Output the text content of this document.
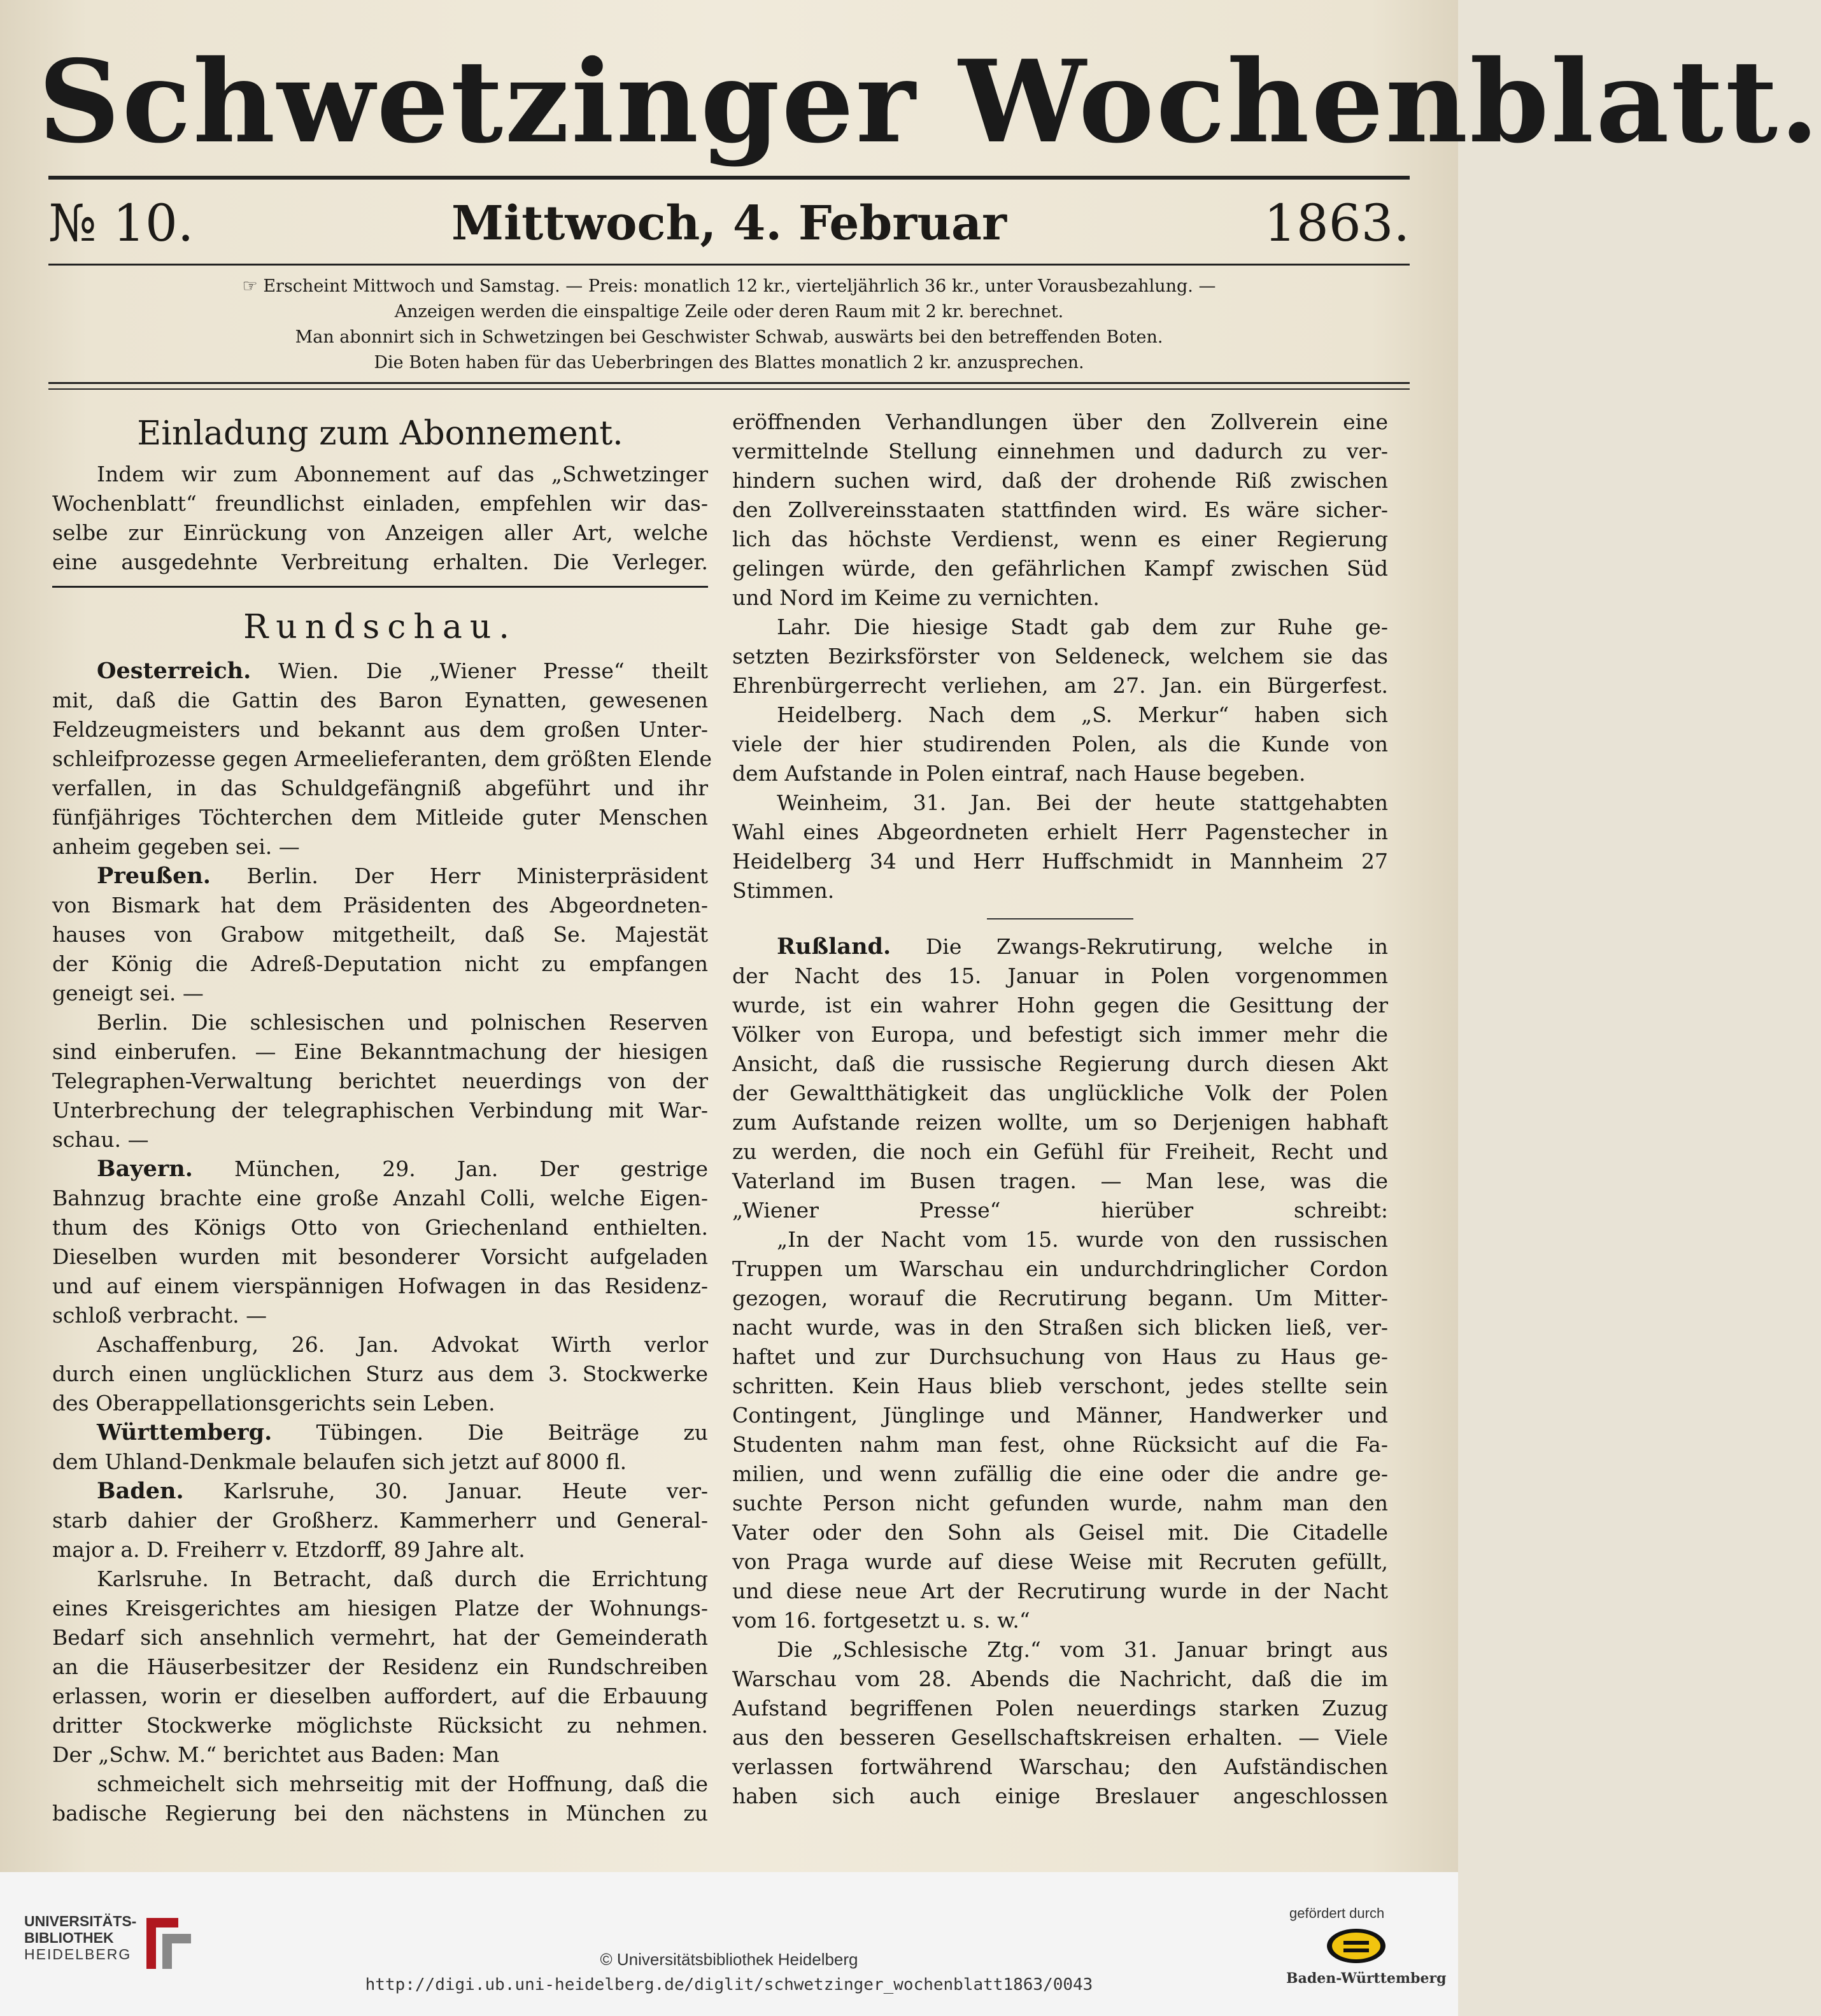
Schwetzinger Wochenblatt.
№ 10.	Mittwoch, 4. Februar	1863.
☞ Erscheint Mittwoch und Samstag. — Preis: monatlich 12 kr., vierteljährlich 36 kr., unter Vorausbezahlung. —
Anzeigen werden die einspaltige Zeile oder deren Raum mit 2 kr. berechnet.
Man abonnirt sich in Schwetzingen bei Geschwister Schwab, auswärts bei den betreffenden Boten.
Die Boten haben für das Ueberbringen des Blattes monatlich 2 kr. anzusprechen.
Einladung zum Abonnement.
Indem wir zum Abonnement auf das „Schwetzinger
Wochenblatt“ freundlichst einladen, empfehlen wir das-
selbe zur Einrückung von Anzeigen aller Art, welche
eine ausgedehnte Verbreitung erhalten. Die Verleger.
Rundschau.
Oesterreich. Wien. Die „Wiener Presse“ theilt
mit, daß die Gattin des Baron Eynatten, gewesenen
Feldzeugmeisters und bekannt aus dem großen Unter-
schleifprozesse gegen Armeelieferanten, dem größten Elende
verfallen, in das Schuldgefängniß abgeführt und ihr
fünfjähriges Töchterchen dem Mitleide guter Menschen
anheim gegeben sei. —
Preußen. Berlin. Der Herr Ministerpräsident
von Bismark hat dem Präsidenten des Abgeordneten-
hauses von Grabow mitgetheilt, daß Se. Majestät
der König die Adreß-Deputation nicht zu empfangen
geneigt sei. —
Berlin. Die schlesischen und polnischen Reserven
sind einberufen. — Eine Bekanntmachung der hiesigen
Telegraphen-Verwaltung berichtet neuerdings von der
Unterbrechung der telegraphischen Verbindung mit War-
schau. —
Bayern. München, 29. Jan. Der gestrige
Bahnzug brachte eine große Anzahl Colli, welche Eigen-
thum des Königs Otto von Griechenland enthielten.
Dieselben wurden mit besonderer Vorsicht aufgeladen
und auf einem vierspännigen Hofwagen in das Residenz-
schloß verbracht. —
Aschaffenburg, 26. Jan. Advokat Wirth verlor
durch einen unglücklichen Sturz aus dem 3. Stockwerke
des Oberappellationsgerichts sein Leben.
Württemberg. Tübingen. Die Beiträge zu
dem Uhland-Denkmale belaufen sich jetzt auf 8000 fl.
Baden. Karlsruhe, 30. Januar. Heute ver-
starb dahier der Großherz. Kammerherr und General-
major a. D. Freiherr v. Etzdorff, 89 Jahre alt.
Karlsruhe. In Betracht, daß durch die Errichtung
eines Kreisgerichtes am hiesigen Platze der Wohnungs-
Bedarf sich ansehnlich vermehrt, hat der Gemeinderath
an die Häuserbesitzer der Residenz ein Rundschreiben
erlassen, worin er dieselben auffordert, auf die Erbauung
dritter Stockwerke möglichste Rücksicht zu nehmen.
Der „Schw. M.“ berichtet aus Baden: Man
schmeichelt sich mehrseitig mit der Hoffnung, daß die
badische Regierung bei den nächstens in München zu
eröffnenden Verhandlungen über den Zollverein eine
vermittelnde Stellung einnehmen und dadurch zu ver-
hindern suchen wird, daß der drohende Riß zwischen
den Zollvereinsstaaten stattfinden wird. Es wäre sicher-
lich das höchste Verdienst, wenn es einer Regierung
gelingen würde, den gefährlichen Kampf zwischen Süd
und Nord im Keime zu vernichten.
Lahr. Die hiesige Stadt gab dem zur Ruhe ge-
setzten Bezirksförster von Seldeneck, welchem sie das
Ehrenbürgerrecht verliehen, am 27. Jan. ein Bürgerfest.
Heidelberg. Nach dem „S. Merkur“ haben sich
viele der hier studirenden Polen, als die Kunde von
dem Aufstande in Polen eintraf, nach Hause begeben.
Weinheim, 31. Jan. Bei der heute stattgehabten
Wahl eines Abgeordneten erhielt Herr Pagenstecher in
Heidelberg 34 und Herr Huffschmidt in Mannheim 27
Stimmen.
Rußland. Die Zwangs-Rekrutirung, welche in
der Nacht des 15. Januar in Polen vorgenommen
wurde, ist ein wahrer Hohn gegen die Gesittung der
Völker von Europa, und befestigt sich immer mehr die
Ansicht, daß die russische Regierung durch diesen Akt
der Gewaltthätigkeit das unglückliche Volk der Polen
zum Aufstande reizen wollte, um so Derjenigen habhaft
zu werden, die noch ein Gefühl für Freiheit, Recht und
Vaterland im Busen tragen. — Man lese, was die
„Wiener Presse“ hierüber schreibt:
„In der Nacht vom 15. wurde von den russischen
Truppen um Warschau ein undurchdringlicher Cordon
gezogen, worauf die Recrutirung begann. Um Mitter-
nacht wurde, was in den Straßen sich blicken ließ, ver-
haftet und zur Durchsuchung von Haus zu Haus ge-
schritten. Kein Haus blieb verschont, jedes stellte sein
Contingent, Jünglinge und Männer, Handwerker und
Studenten nahm man fest, ohne Rücksicht auf die Fa-
milien, und wenn zufällig die eine oder die andre ge-
suchte Person nicht gefunden wurde, nahm man den
Vater oder den Sohn als Geisel mit. Die Citadelle
von Praga wurde auf diese Weise mit Recruten gefüllt,
und diese neue Art der Recrutirung wurde in der Nacht
vom 16. fortgesetzt u. s. w.“
Die „Schlesische Ztg.“ vom 31. Januar bringt aus
Warschau vom 28. Abends die Nachricht, daß die im
Aufstand begriffenen Polen neuerdings starken Zuzug
aus den besseren Gesellschaftskreisen erhalten. — Viele
verlassen fortwährend Warschau; den Aufständischen
haben sich auch einige Breslauer angeschlossen
UNIVERSITÄTS-
BIBLIOTHEK
HEIDELBERG
gefördert durch
Baden-Württemberg
© Universitätsbibliothek Heidelberg
http://digi.ub.uni-heidelberg.de/diglit/schwetzinger_wochenblatt1863/0043
